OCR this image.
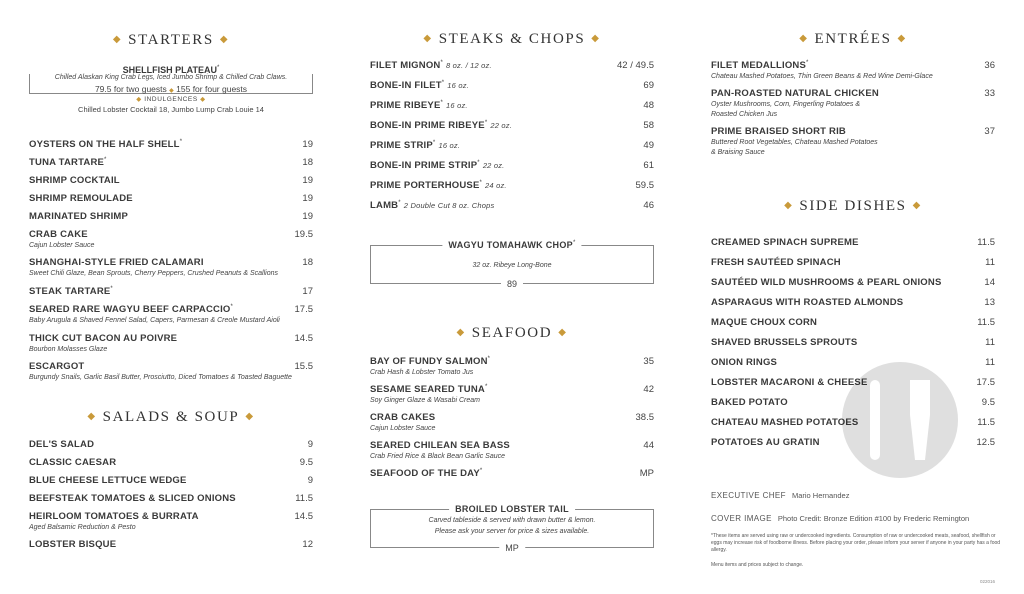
◆ STARTERS ◆
SHELLFISH PLATEAU*
Chilled Alaskan King Crab Legs, Iced Jumbo Shrimp & Chilled Crab Claws.
79.5 for two guests ◆ 155 for four guests
◆ INDULGENCES ◆
Chilled Lobster Cocktail 18, Jumbo Lump Crab Louie 14
OYSTERS ON THE HALF SHELL*	19
TUNA TARTARE*	18
SHRIMP COCKTAIL	19
SHRIMP REMOULADE	19
MARINATED SHRIMP	19
CRAB CAKE	19.5
Cajun Lobster Sauce
SHANGHAI-STYLE FRIED CALAMARI	18
Sweet Chili Glaze, Bean Sprouts, Cherry Peppers, Crushed Peanuts & Scallions
STEAK TARTARE*	17
SEARED RARE WAGYU BEEF CARPACCIO*	17.5
Baby Arugula & Shaved Fennel Salad, Capers, Parmesan & Creole Mustard Aioli
THICK CUT BACON AU POIVRE	14.5
Bourbon Molasses Glaze
ESCARGOT	15.5
Burgundy Snails, Garlic Basil Butter, Prosciutto, Diced Tomatoes & Toasted Baguette
◆ SALADS & SOUP ◆
DEL'S SALAD	9
CLASSIC CAESAR	9.5
BLUE CHEESE LETTUCE WEDGE	9
BEEFSTEAK TOMATOES & SLICED ONIONS	11.5
HEIRLOOM TOMATOES & BURRATA	14.5
Aged Balsamic Reduction & Pesto
LOBSTER BISQUE	12
◆ STEAKS & CHOPS ◆
FILET MIGNON* 8 oz. / 12 oz.	42 / 49.5
BONE-IN FILET* 16 oz.	69
PRIME RIBEYE* 16 oz.	48
BONE-IN PRIME RIBEYE* 22 oz.	58
PRIME STRIP* 16 oz.	49
BONE-IN PRIME STRIP* 22 oz.	61
PRIME PORTERHOUSE* 24 oz.	59.5
LAMB* 2 Double Cut 8 oz. Chops	46
WAGYU TOMAHAWK CHOP*
32 oz. Ribeye Long-Bone
89
◆ SEAFOOD ◆
BAY OF FUNDY SALMON*	35
Crab Hash & Lobster Tomato Jus
SESAME SEARED TUNA*	42
Soy Ginger Glaze & Wasabi Cream
CRAB CAKES	38.5
Cajun Lobster Sauce
SEARED CHILEAN SEA BASS	44
Crab Fried Rice & Black Bean Garlic Sauce
SEAFOOD OF THE DAY*	MP
BROILED LOBSTER TAIL
Carved tableside & served with drawn butter & lemon.
Please ask your server for price & sizes available.
MP
◆ ENTRÉES ◆
FILET MEDALLIONS*	36
Chateau Mashed Potatoes, Thin Green Beans & Red Wine Demi-Glace
PAN-ROASTED NATURAL CHICKEN	33
Oyster Mushrooms, Corn, Fingerling Potatoes &
Roasted Chicken Jus
PRIME BRAISED SHORT RIB	37
Buttered Root Vegetables, Chateau Mashed Potatoes
& Braising Sauce
◆ SIDE DISHES ◆
CREAMED SPINACH SUPREME	11.5
FRESH SAUTÉED SPINACH	11
SAUTÉED WILD MUSHROOMS & PEARL ONIONS	14
ASPARAGUS WITH ROASTED ALMONDS	13
MAQUE CHOUX CORN	11.5
SHAVED BRUSSELS SPROUTS	11
ONION RINGS	11
LOBSTER MACARONI & CHEESE	17.5
BAKED POTATO	9.5
CHATEAU MASHED POTATOES	11.5
POTATOES AU GRATIN	12.5
EXECUTIVE CHEF Mario Hernandez
COVER IMAGE Photo Credit: Bronze Edition #100 by Frederic Remington
*These items are served using raw or undercooked ingredients. Consumption of raw or undercooked meats, seafood, shellfish or eggs may increase risk of foodborne illness. Before placing your order, please inform your server if anyone in your party has a food allergy.
Menu items and prices subject to change.
022016
